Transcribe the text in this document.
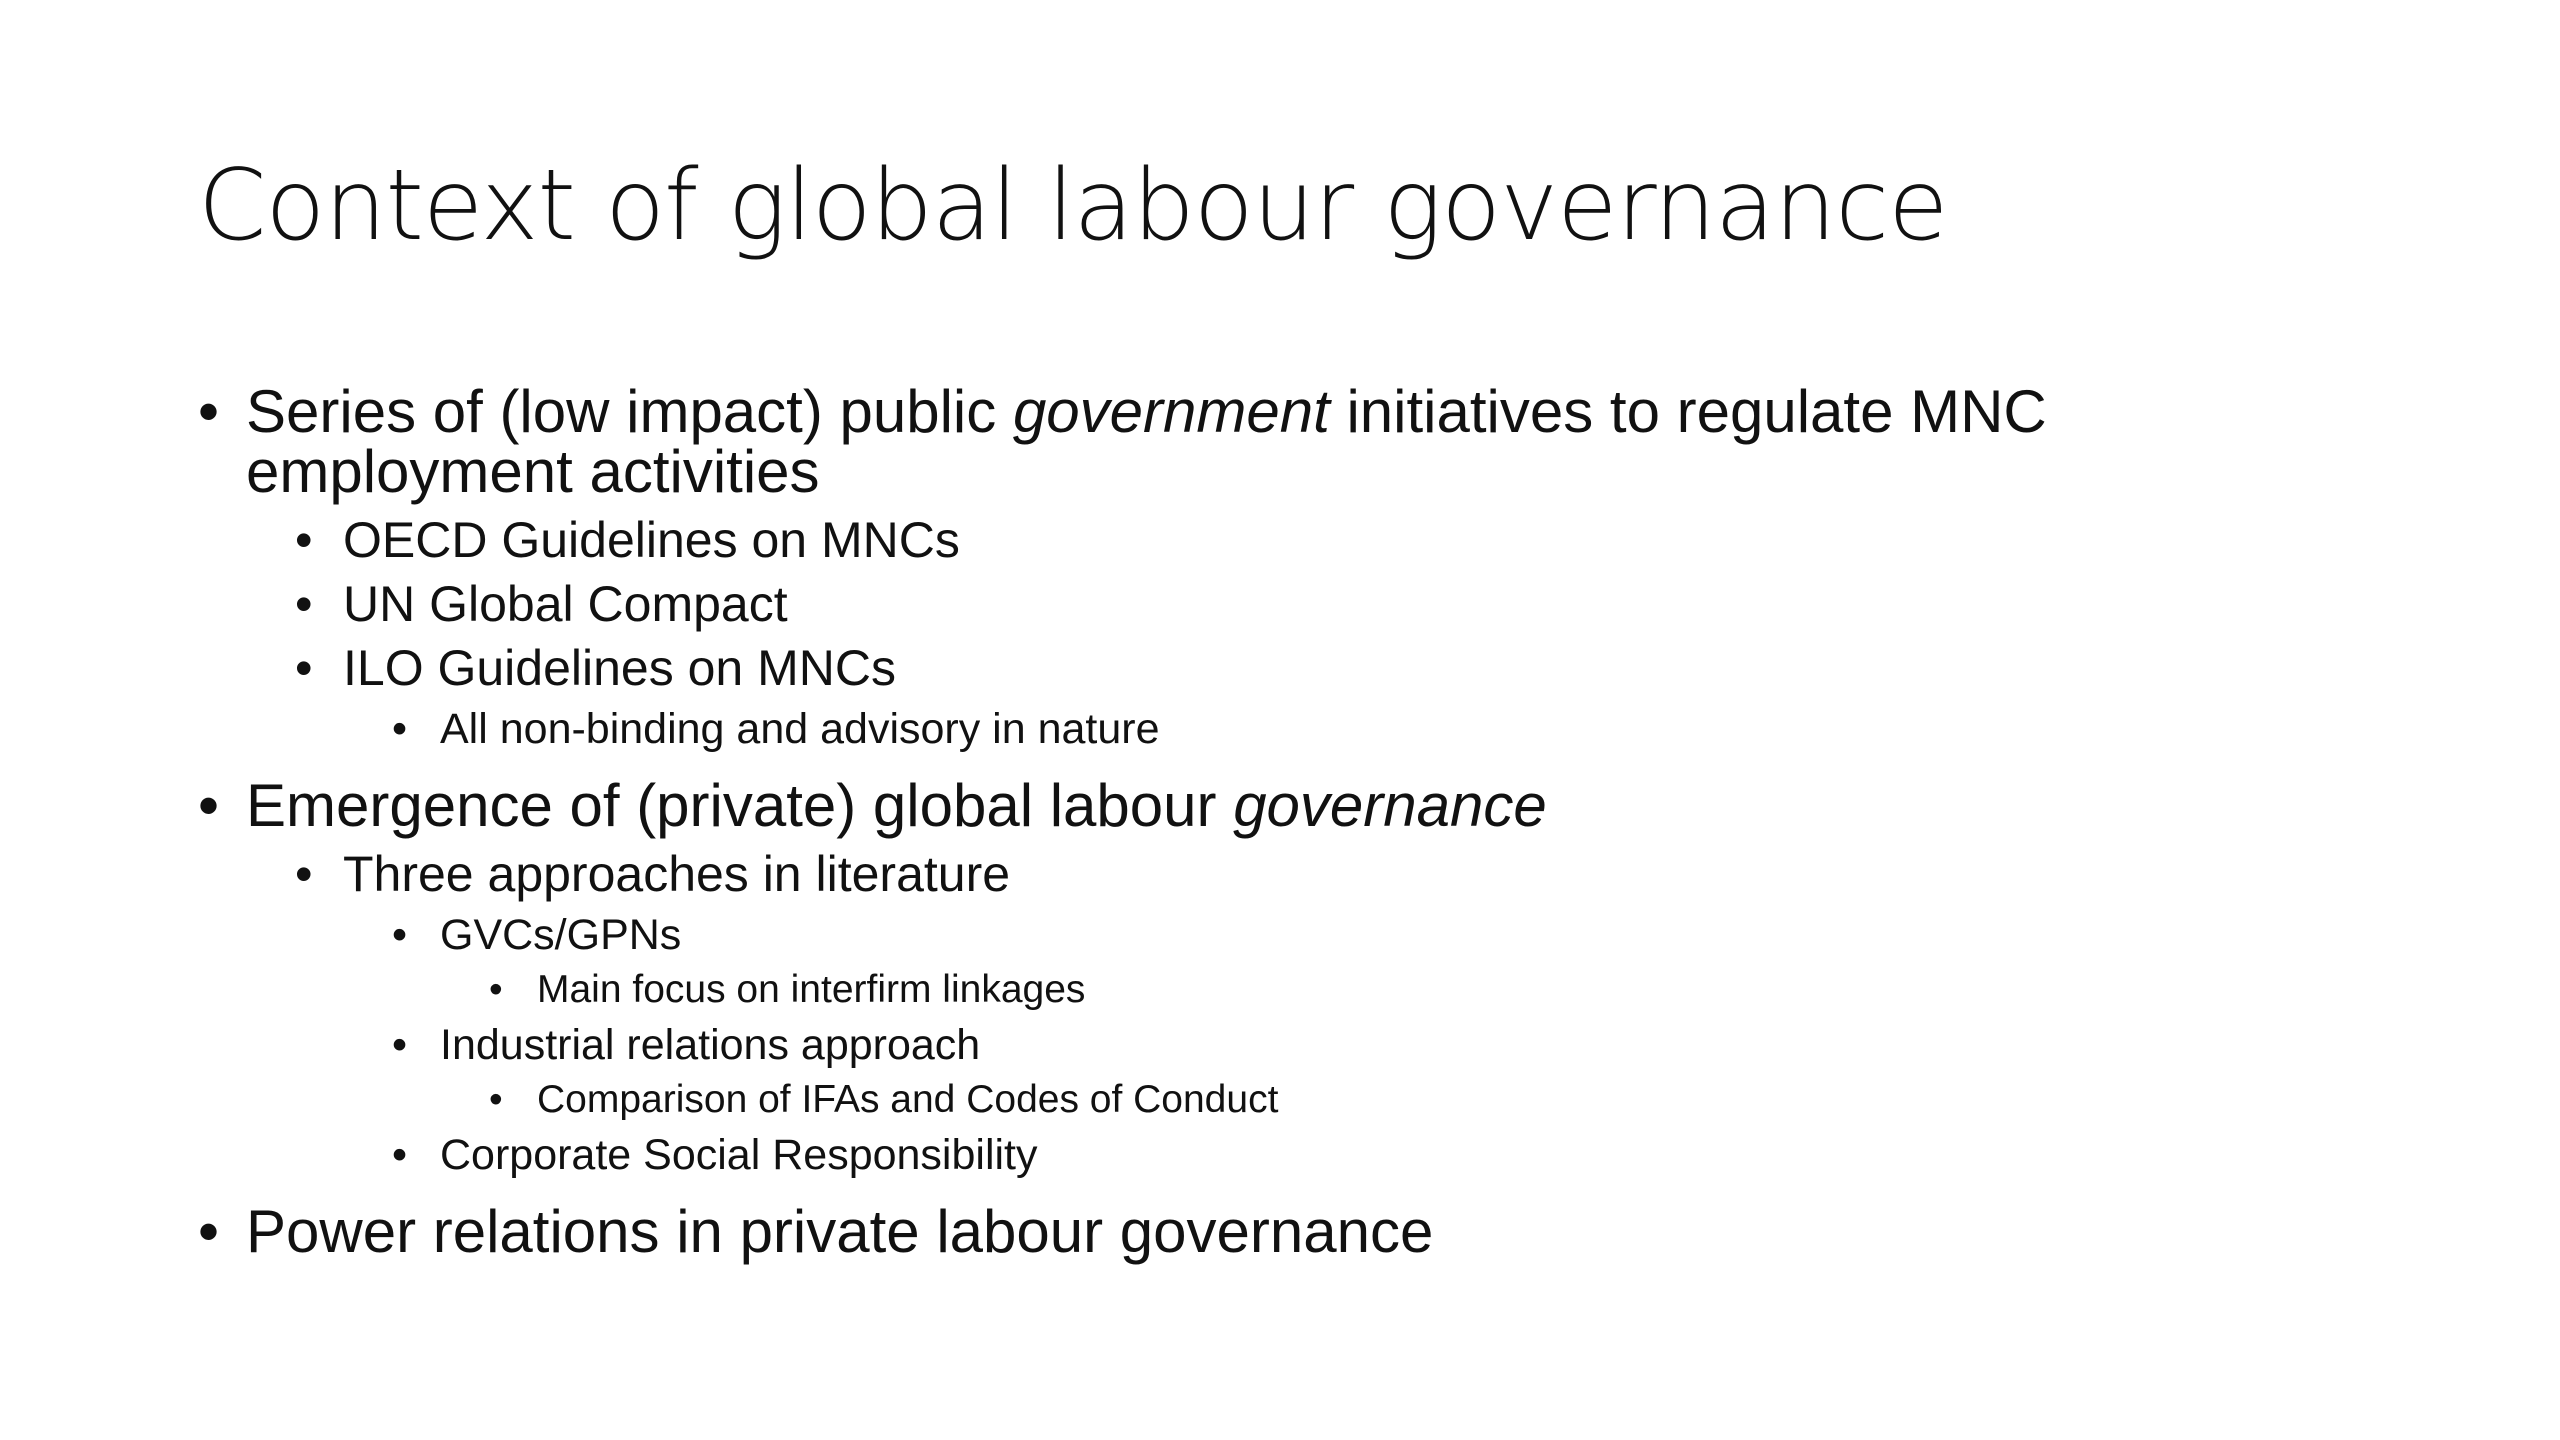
Context of global labour governance
• Series of (low impact) public government initiatives to regulate MNC employment activities
• OECD Guidelines on MNCs
• UN Global Compact
• ILO Guidelines on MNCs
• All non-binding and advisory in nature
• Emergence of (private) global labour governance
• Three approaches in literature
• GVCs/GPNs
• Main focus on interfirm linkages
• Industrial relations approach
• Comparison of IFAs and Codes of Conduct
• Corporate Social Responsibility
• Power relations in private labour governance
